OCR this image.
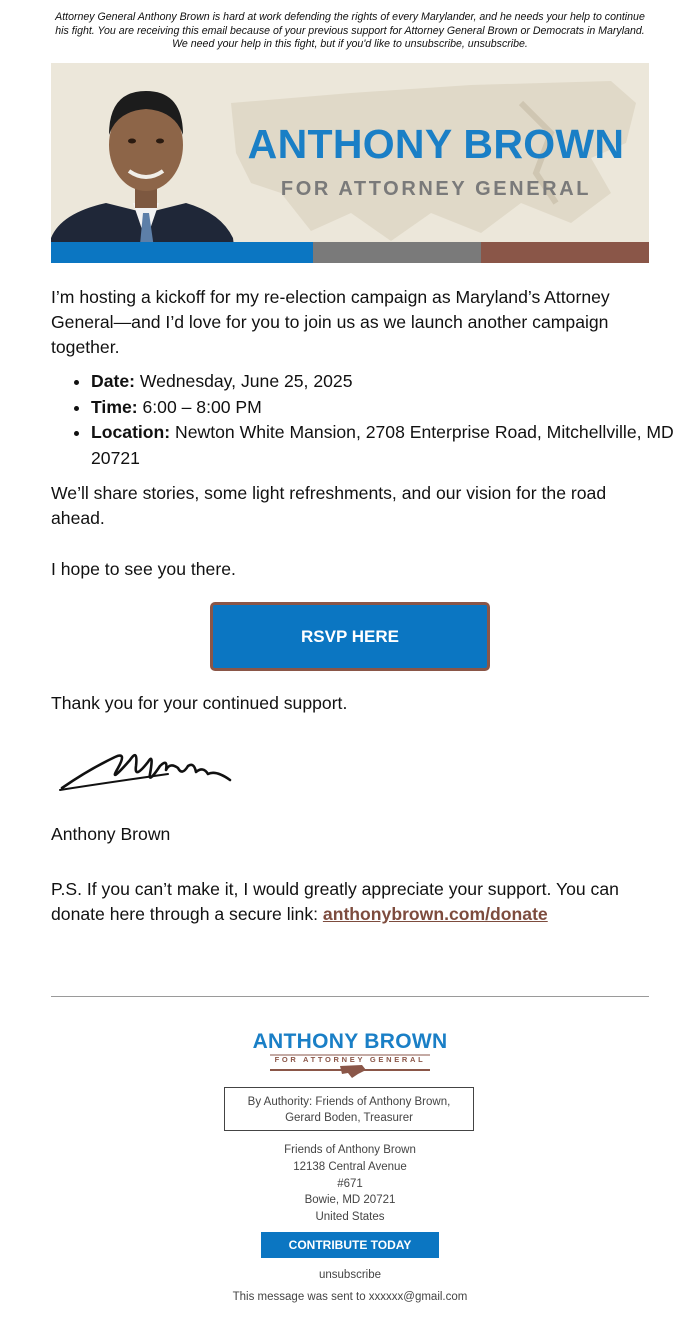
Attorney General Anthony Brown is hard at work defending the rights of every Marylander, and he needs your help to continue his fight. You are receiving this email because of your previous support for Attorney General Brown or Democrats in Maryland. We need your help in this fight, but if you'd like to unsubscribe, unsubscribe.
ANTHONY BROWN
FOR ATTORNEY GENERAL
I’m hosting a kickoff for my re-election campaign as Maryland’s Attorney General—and I’d love for you to join us as we launch another campaign together.
• Date: Wednesday, June 25, 2025
• Time: 6:00 – 8:00 PM
• Location: Newton White Mansion, 2708 Enterprise Road, Mitchellville, MD 20721
We’ll share stories, some light refreshments, and our vision for the road ahead.
I hope to see you there.
RSVP HERE
Thank you for your continued support.
Anthony Brown
P.S. If you can’t make it, I would greatly appreciate your support. You can donate here through a secure link: anthonybrown.com/donate
ANTHONY BROWN
FOR ATTORNEY GENERAL
By Authority: Friends of Anthony Brown,
Gerard Boden, Treasurer
Friends of Anthony Brown
12138 Central Avenue
#671
Bowie, MD 20721
United States
CONTRIBUTE TODAY
unsubscribe
This message was sent to xxxxxx@gmail.com
